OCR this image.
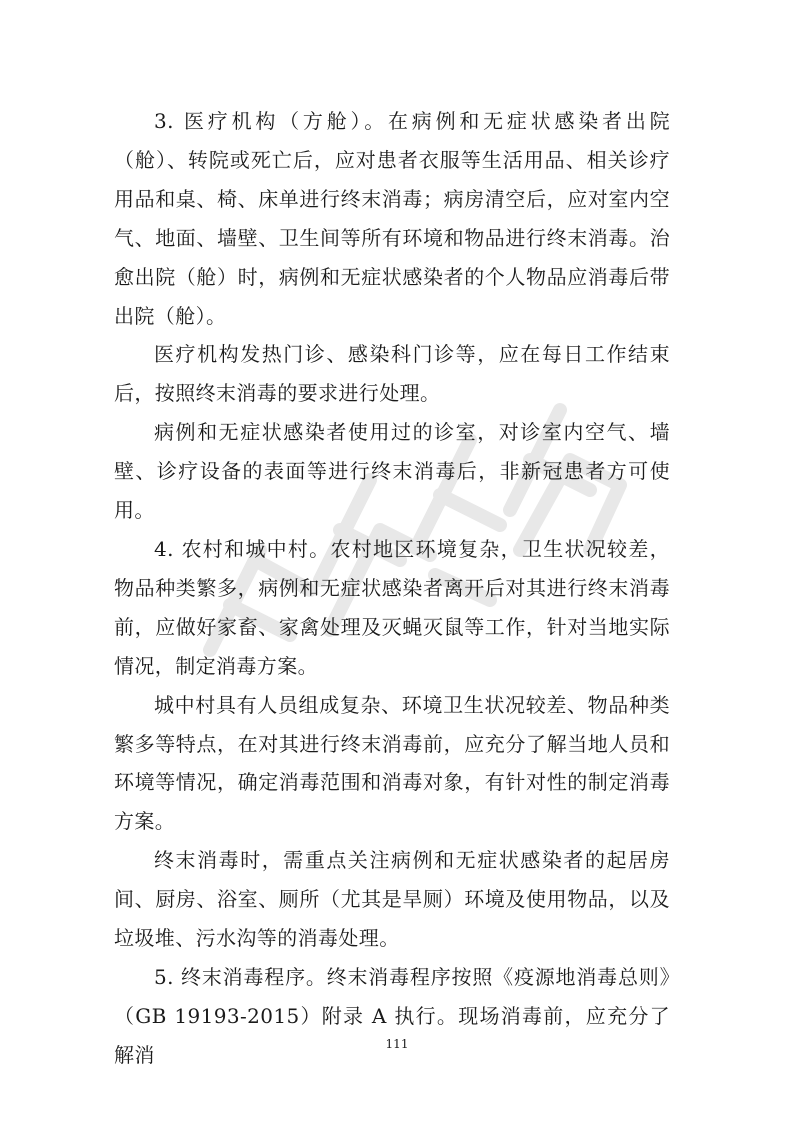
3. 医疗机构（方舱）。在病例和无症状感染者出院（舱）、转院或死亡后，应对患者衣服等生活用品、相关诊疗用品和桌、椅、床单进行终末消毒；病房清空后，应对室内空气、地面、墙壁、卫生间等所有环境和物品进行终末消毒。治愈出院（舱）时，病例和无症状感染者的个人物品应消毒后带出院（舱）。

医疗机构发热门诊、感染科门诊等，应在每日工作结束后，按照终末消毒的要求进行处理。

病例和无症状感染者使用过的诊室，对诊室内空气、墙壁、诊疗设备的表面等进行终末消毒后，非新冠患者方可使用。

4. 农村和城中村。农村地区环境复杂，卫生状况较差，物品种类繁多，病例和无症状感染者离开后对其进行终末消毒前，应做好家畜、家禽处理及灭蝇灭鼠等工作，针对当地实际情况，制定消毒方案。

城中村具有人员组成复杂、环境卫生状况较差、物品种类繁多等特点，在对其进行终末消毒前，应充分了解当地人员和环境等情况，确定消毒范围和消毒对象，有针对性的制定消毒方案。

终末消毒时，需重点关注病例和无症状感染者的起居房间、厨房、浴室、厕所（尤其是旱厕）环境及使用物品，以及垃圾堆、污水沟等的消毒处理。

5. 终末消毒程序。终末消毒程序按照《疫源地消毒总则》（GB 19193-2015）附录 A 执行。现场消毒前，应充分了解消	111
